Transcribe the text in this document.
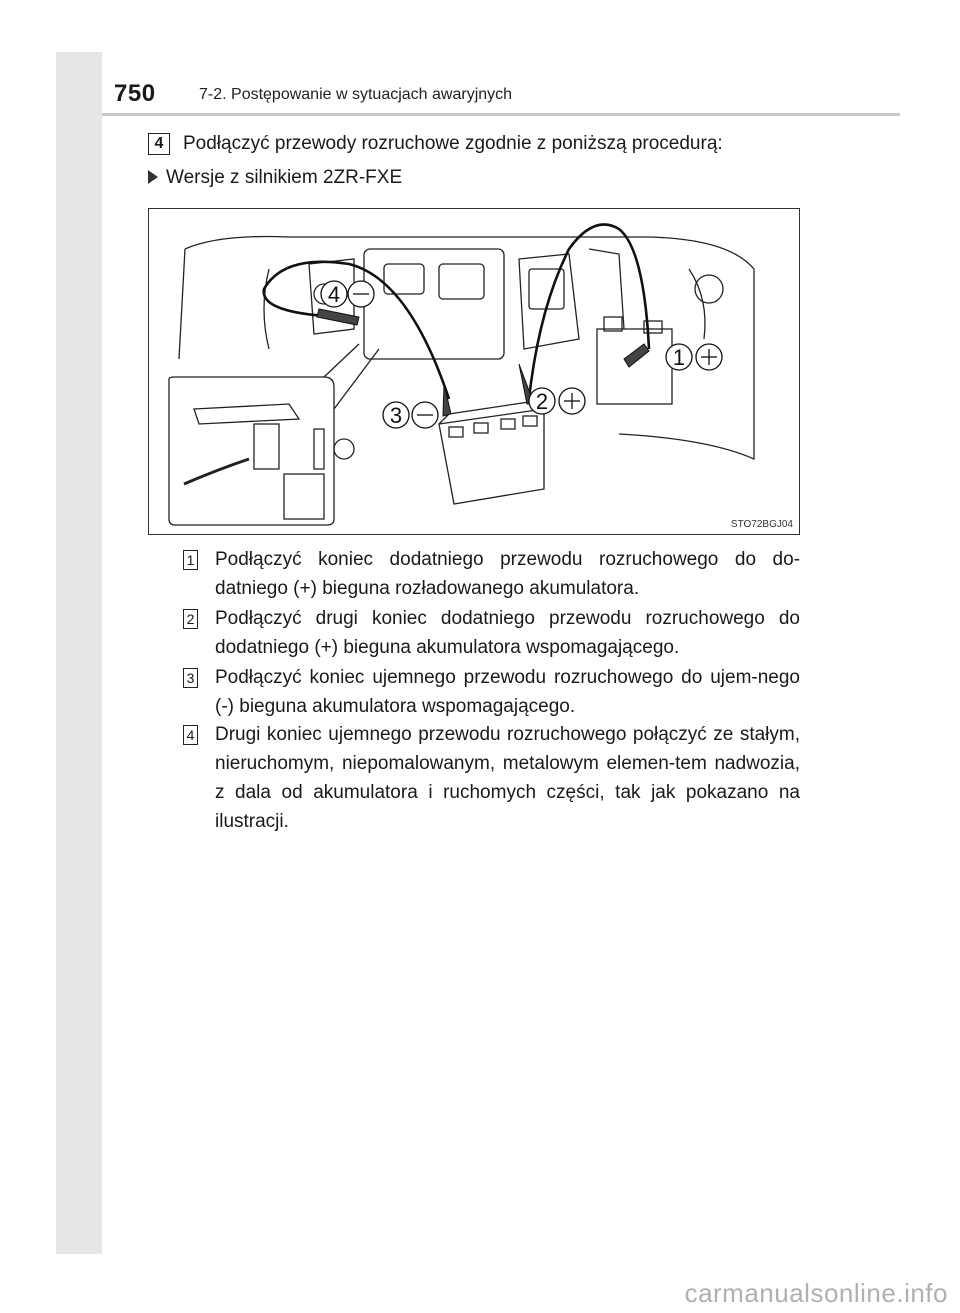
750	7-2. Postępowanie w sytuacjach awaryjnych
4	Podłączyć przewody rozruchowe zgodnie z poniższą procedurą:
Wersje z silnikiem 2ZR-FXE
4
1
2
3
STO72BGJ04
1 Podłączyć koniec dodatniego przewodu rozruchowego do do-datniego (+) bieguna rozładowanego akumulatora.
2 Podłączyć drugi koniec dodatniego przewodu rozruchowego do dodatniego (+) bieguna akumulatora wspomagającego.
3 Podłączyć koniec ujemnego przewodu rozruchowego do ujem-nego (-) bieguna akumulatora wspomagającego.
4 Drugi koniec ujemnego przewodu rozruchowego połączyć ze stałym, nieruchomym, niepomalowanym, metalowym elemen-tem nadwozia, z dala od akumulatora i ruchomych części, tak jak pokazano na ilustracji.
carmanualsonline.info
